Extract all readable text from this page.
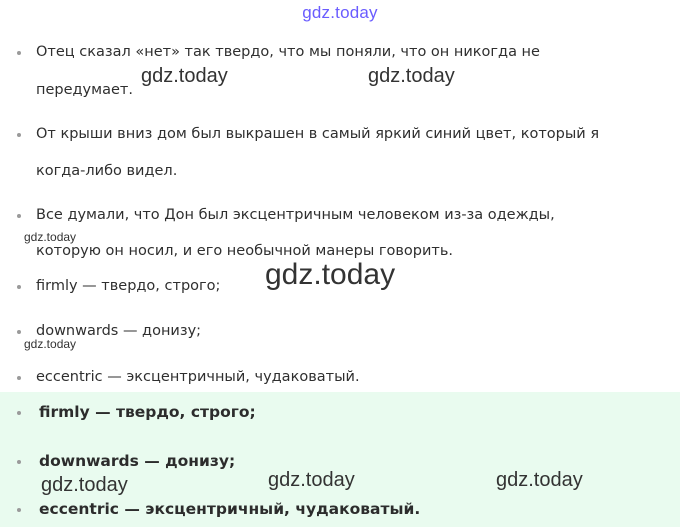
gdz.today
Отец сказал «нет» так твердо, что мы поняли, что он никогда не
передумает.
От крыши вниз дом был выкрашен в самый яркий синий цвет, который я
когда-либо видел.
Все думали, что Дон был эксцентричным человеком из-за одежды,
которую он носил, и его необычной манеры говорить.
firmly — твердо, строго;
downwards — донизу;
eccentric — эксцентричный, чудаковатый.
firmly — твердо, строго;
downwards — донизу;
eccentric — эксцентричный, чудаковатый.
gdz.today	gdz.today
gdz.today
gdz.today
gdz.today
gdz.today	gdz.today
gdz.today
